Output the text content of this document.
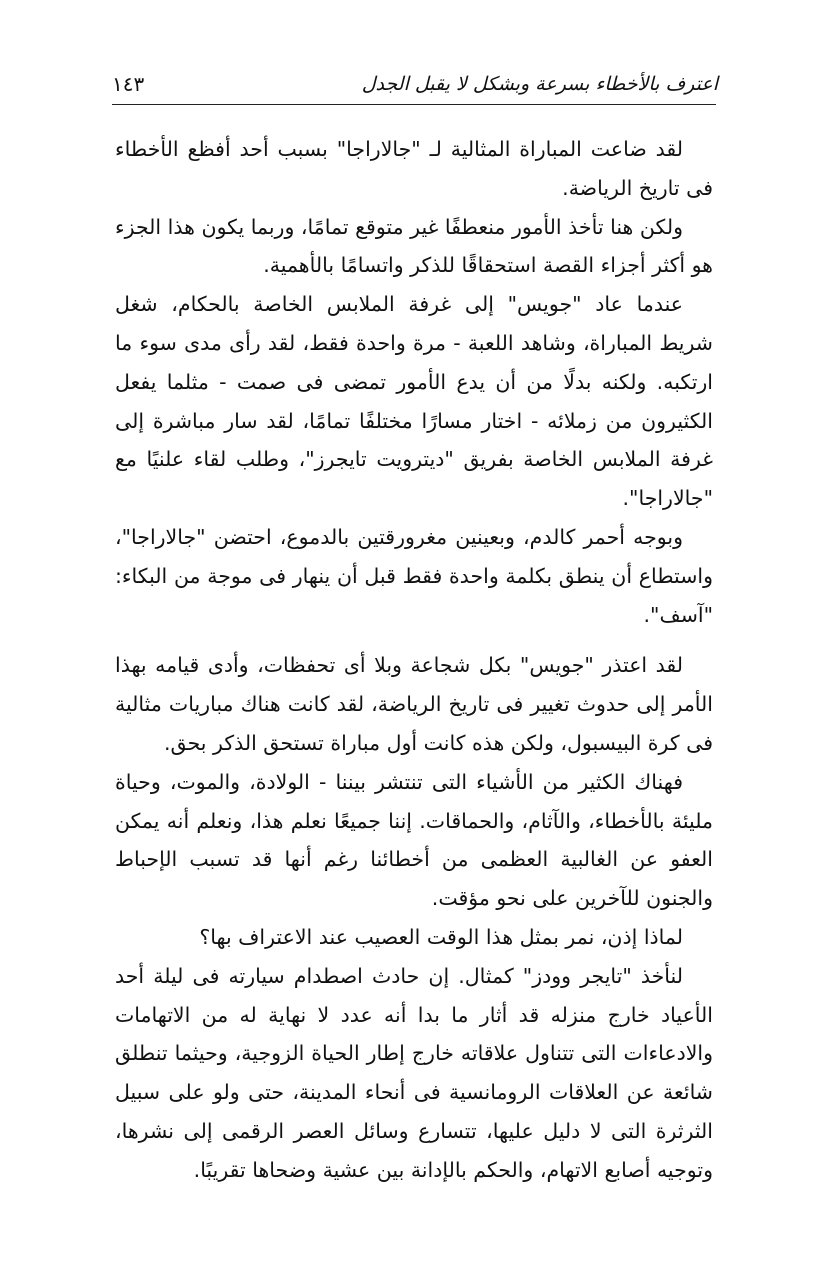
اعترف بالأخطاء بسرعة وبشكل لا يقبل الجدل
١٤٣

لقد ضاعت المباراة المثالية لـ "جالاراجا" بسبب أحد أفظع الأخطاء فى تاريخ الرياضة.

ولكن هنا تأخذ الأمور منعطفًا غير متوقع تمامًا، وربما يكون هذا الجزء هو أكثر أجزاء القصة استحقاقًا للذكر واتسامًا بالأهمية.

عندما عاد "جويس" إلى غرفة الملابس الخاصة بالحكام، شغل شريط المباراة، وشاهد اللعبة - مرة واحدة فقط، لقد رأى مدى سوء ما ارتكبه. ولكنه بدلًا من أن يدع الأمور تمضى فى صمت - مثلما يفعل الكثيرون من زملائه - اختار مسارًا مختلفًا تمامًا، لقد سار مباشرة إلى غرفة الملابس الخاصة بفريق "ديترويت تايجرز"، وطلب لقاء علنيًا مع "جالاراجا".

وبوجه أحمر كالدم، وبعينين مغرورقتين بالدموع، احتضن "جالاراجا"، واستطاع أن ينطق بكلمة واحدة فقط قبل أن ينهار فى موجة من البكاء: "آسف".

لقد اعتذر "جويس" بكل شجاعة وبلا أى تحفظات، وأدى قيامه بهذا الأمر إلى حدوث تغيير فى تاريخ الرياضة، لقد كانت هناك مباريات مثالية فى كرة البيسبول، ولكن هذه كانت أول مباراة تستحق الذكر بحق.

فهناك الكثير من الأشياء التى تنتشر بيننا - الولادة، والموت، وحياة مليئة بالأخطاء، والآثام، والحماقات. إننا جميعًا نعلم هذا، ونعلم أنه يمكن العفو عن الغالبية العظمى من أخطائنا رغم أنها قد تسبب الإحباط والجنون للآخرين على نحو مؤقت.

لماذا إذن، نمر بمثل هذا الوقت العصيب عند الاعتراف بها؟

لنأخذ "تايجر وودز" كمثال. إن حادث اصطدام سيارته فى ليلة أحد الأعياد خارج منزله قد أثار ما بدا أنه عدد لا نهاية له من الاتهامات والادعاءات التى تتناول علاقاته خارج إطار الحياة الزوجية، وحيثما تنطلق شائعة عن العلاقات الرومانسية فى أنحاء المدينة، حتى ولو على سبيل الثرثرة التى لا دليل عليها، تتسارع وسائل العصر الرقمى إلى نشرها، وتوجيه أصابع الاتهام، والحكم بالإدانة بين عشية وضحاها تقريبًا.
